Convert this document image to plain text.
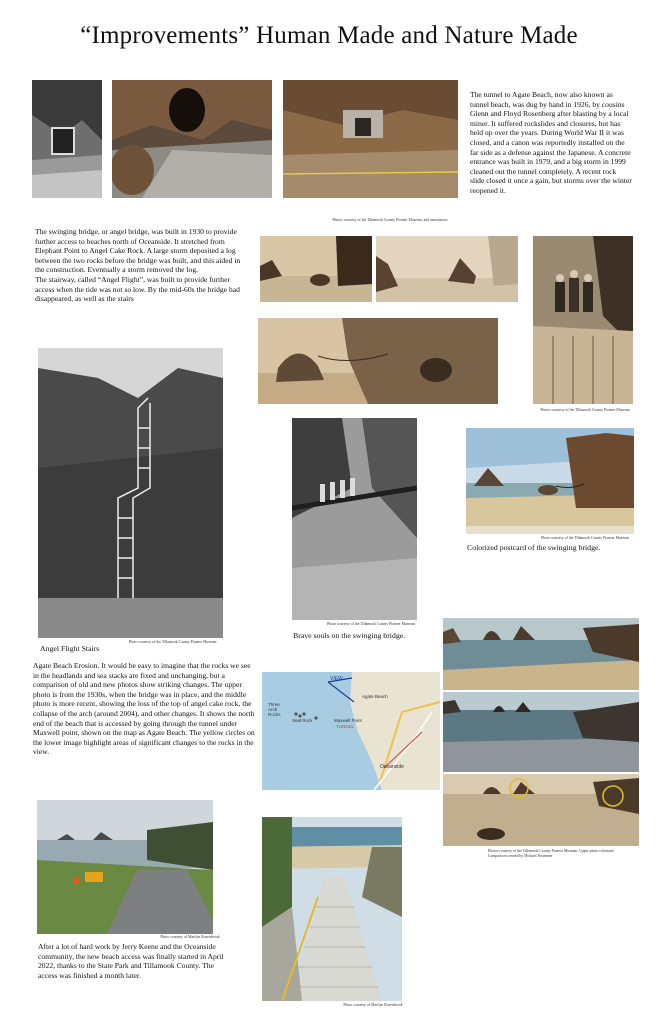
“Improvements” Human Made and Nature Made
The tunnel to Agate Beach, now also known as tunnel beach, was dug by hand in 1926, by cousins Glenn and Floyd Rosenberg after blasting by a local miner. It suffered rockslides and closures, but has held up over the years. During World War II it was closed, and a canon was reportedly installed on the far side as a defense against the Japanese. A concrete entrance was built in 1979, and a big storm in 1999 cleaned out the tunnel completely. A recent rock slide closed it once a gain, but storms over the winter reopened it.
Photos courtesy of the Tillamook County Pioneer Museum, and anonymous
The swinging bridge, or angel bridge, was built in 1930 to provide further access to beaches north of Oceanside. It stretched from Elephant Point to Angel Cake Rock. A large storm deposited a log between the two rocks before the bridge was built, and this aided in the construction. Eventually a storm removed the log.
The stairway, called “Angel Flight”, was built to provide further access when the tide was not so low. By the mid-60s the bridge had disappeared, as well as the stairs
Photos courtesy of the Tillamook County Pioneer Museum
Photo courtesy of the Tillamook County Pioneer Museum
Angel Flight Stairs
Photo courtesy of the Tillamook County Pioneer Museum
Brave souls on the swinging bridge.
Photo courtesy of the Tillamook County Pioneer Museum
Colorized postcard of the swinging bridge.
Agate Beach Erosion. It would be easy to imagine that the rocks we see in the headlands and sea stacks are fixed and unchanging, but a comparison of old and new photos show striking changes. The upper photo is from the 1930s, when the bridge was in place, and the middle photo is more recent, showing the loss of the top of angel cake rock, the collapse of the arch (around 2004), and other changes. It shows the north end of the beach that is accessed by going through the tunnel under Maxwell point, shown on the map as Agate Beach. The yellow circles on the lower image highlight areas of significant changes to the rocks in the view.
VIEW
Three
Arch
Rocks
Seal Rock
Agate Beach
Maxwell Point
TUNNEL
Oceanside
Photos courtesy of the Tillamook County Pioneer Museum. Upper photo colorized.
Comparison created by Michael Neumeier
Photo courtesy of Marilyn Rosenbrook
After a lot of hard work by Jerry Keene and the Oceanside community, the new beach access was finally started in April 2022, thanks to the State Park and Tillamook County. The access was finished a month later.
Photo courtesy of Marilyn Rosenbrook
